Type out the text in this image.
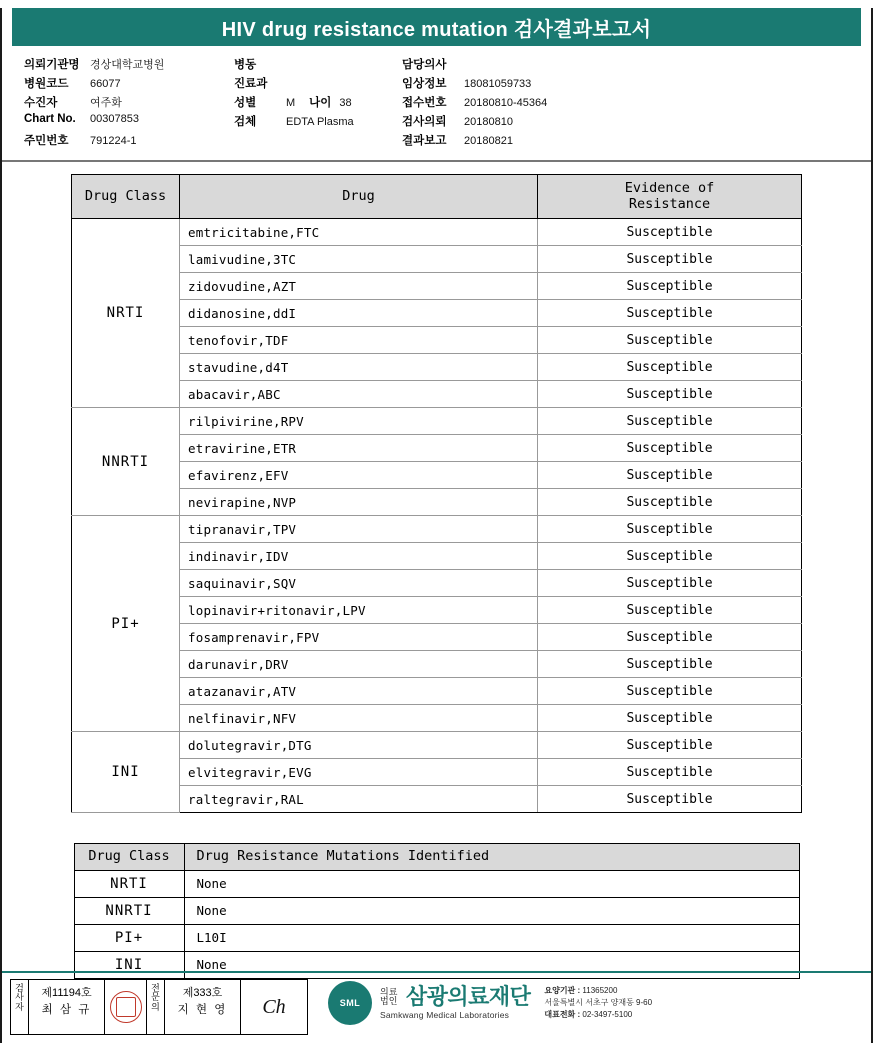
HIV drug resistance mutation 검사결과보고서
의뢰기관명 경상대학교병원
병원코드	66077
수진자	여주화
Chart No.	00307853
주민번호	791224-1
병동
진료과
성별	M 나이 38
검체	EDTA Plasma
담당의사
임상정보	18081059733
접수번호	20180810-45364
검사의뢰	20180810
결과보고	20180821
Drug Class	Drug	Evidence of
Resistance
NRTI	emtricitabine,FTC	Susceptible
	lamivudine,3TC	Susceptible
	zidovudine,AZT	Susceptible
	didanosine,ddI	Susceptible
	tenofovir,TDF	Susceptible
	stavudine,d4T	Susceptible
	abacavir,ABC	Susceptible
NNRTI	rilpivirine,RPV	Susceptible
	etravirine,ETR	Susceptible
	efavirenz,EFV	Susceptible
	nevirapine,NVP	Susceptible
PI+	tipranavir,TPV	Susceptible
	indinavir,IDV	Susceptible
	saquinavir,SQV	Susceptible
	lopinavir+ritonavir,LPV	Susceptible
	fosamprenavir,FPV	Susceptible
	darunavir,DRV	Susceptible
	atazanavir,ATV	Susceptible
	nelfinavir,NFV	Susceptible
INI	dolutegravir,DTG	Susceptible
	elvitegravir,EVG	Susceptible
	raltegravir,RAL	Susceptible
Drug Class	Drug Resistance Mutations Identified
NRTI	None
NNRTI	None
PI+	L10I
INI	None
검사자
제11194호
최 삼 규
전문의
제333호
지 현 영	Ch	SML
의료
법인 삼광의료재단
Samkwang Medical Laboratories
요양기관 : 11365200
서울특별시 서초구 양재동 9-60
대표전화 : 02-3497-5100
